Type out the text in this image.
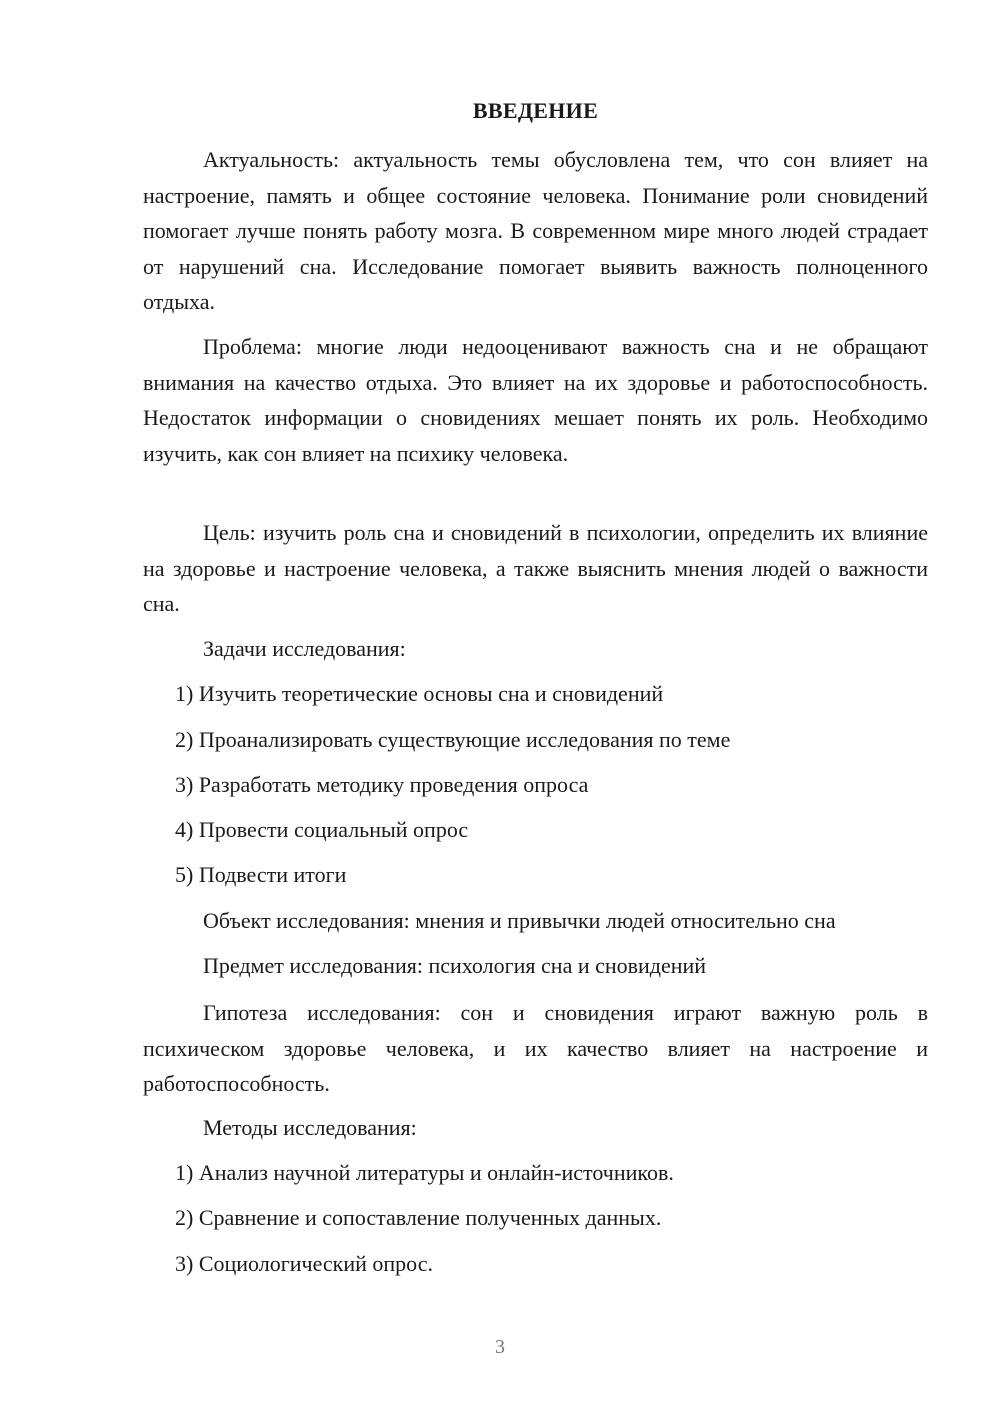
ВВЕДЕНИЕ

Актуальность: актуальность темы обусловлена тем, что сон влияет на настроение, память и общее состояние человека. Понимание роли сновидений помогает лучше понять работу мозга. В современном мире много людей страдает от нарушений сна. Исследование помогает выявить важность полноценного отдыха.

Проблема: многие люди недооценивают важность сна и не обращают внимания на качество отдыха. Это влияет на их здоровье и работоспособность. Недостаток информации о сновидениях мешает понять их роль. Необходимо изучить, как сон влияет на психику человека.

Цель: изучить роль сна и сновидений в психологии, определить их влияние на здоровье и настроение человека, а также выяснить мнения людей о важности сна.

Задачи исследования:

1) Изучить теоретические основы сна и сновидений

2) Проанализировать существующие исследования по теме

3) Разработать методику проведения опроса

4) Провести социальный опрос

5) Подвести итоги

Объект исследования: мнения и привычки людей относительно сна

Предмет исследования: психология сна и сновидений

Гипотеза исследования: сон и сновидения играют важную роль в психическом здоровье человека, и их качество влияет на настроение и работоспособность.

Методы исследования:

1) Анализ научной литературы и онлайн-источников.

2) Сравнение и сопоставление полученных данных.

3) Социологический опрос.

3
